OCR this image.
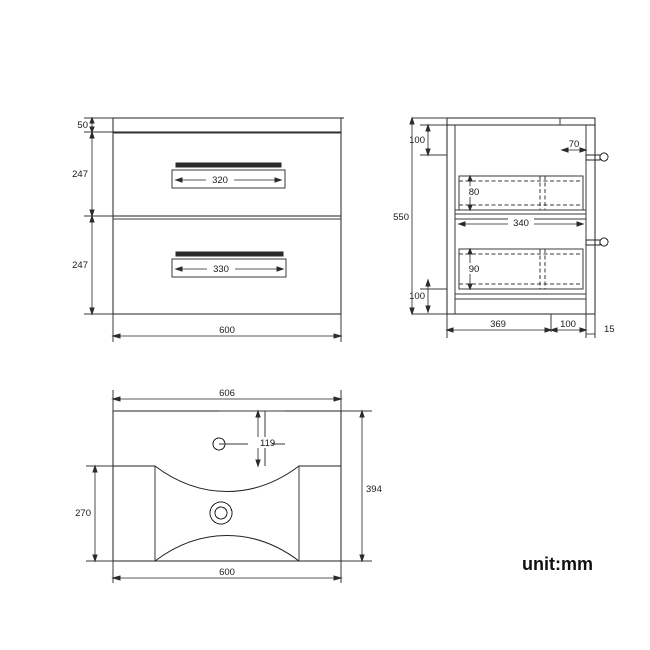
50
247
247
600
320
330
100
100
550
80
90
70
340
369	100	15
606
119
270
394
600	unit:mm
